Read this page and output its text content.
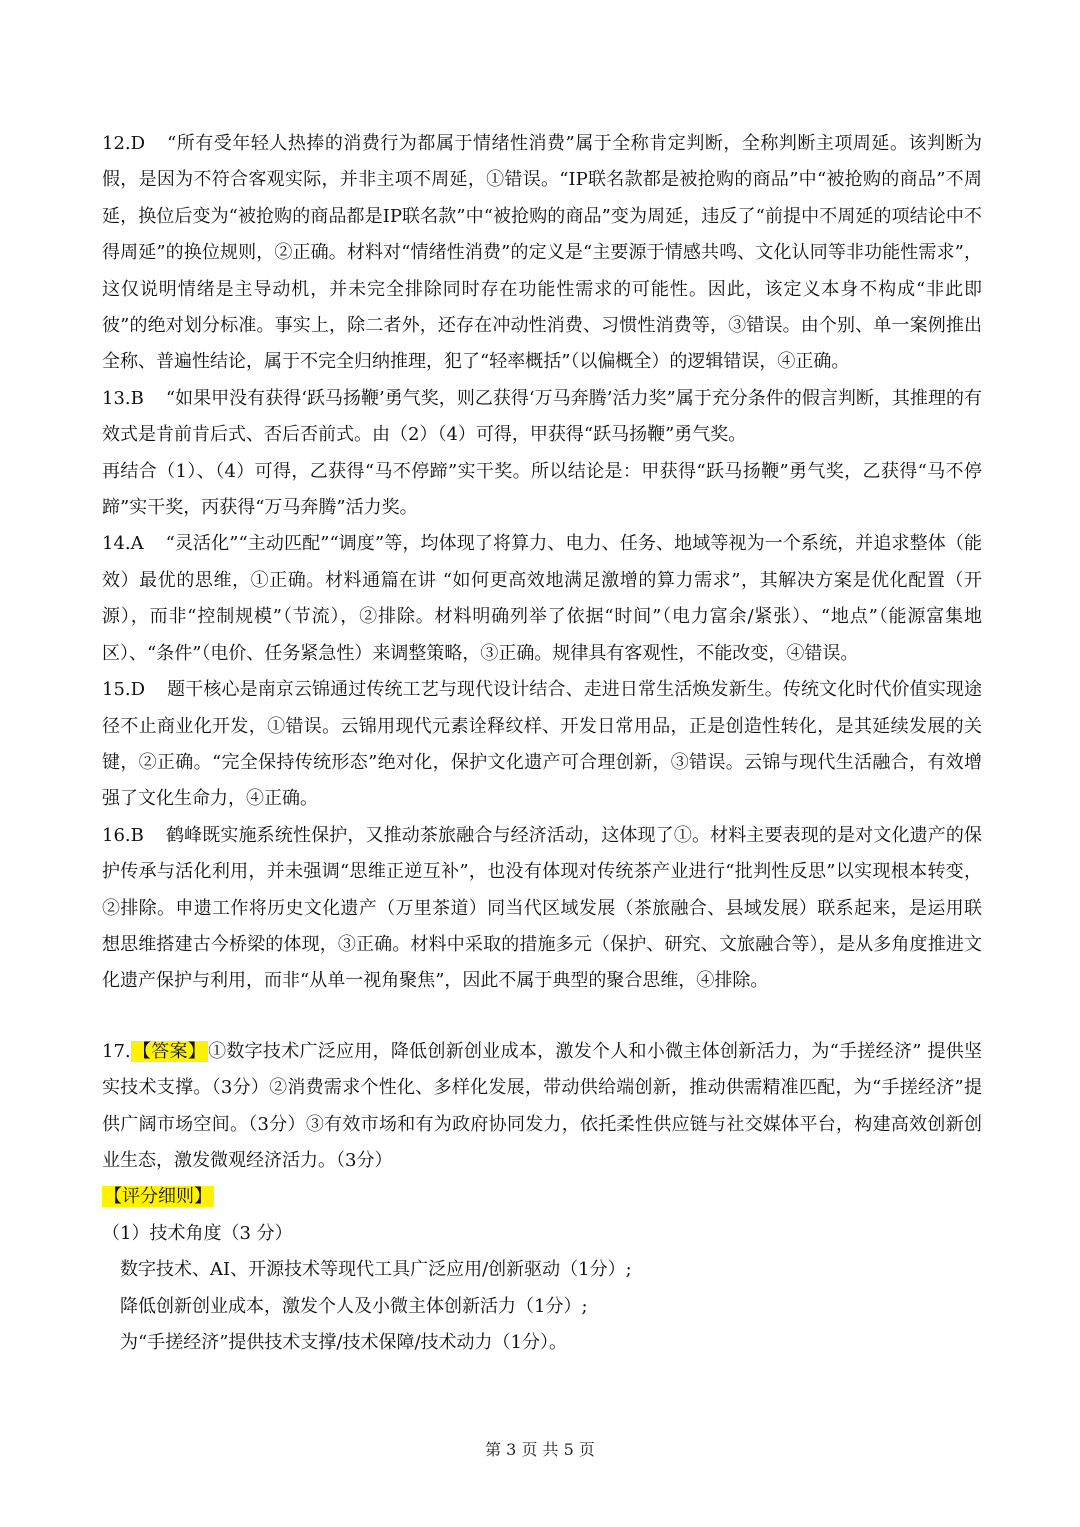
12.D “所有受年轻人热捧的消费行为都属于情绪性消费”属于全称肯定判断，全称判断主项周延。该判断为假，是因为不符合客观实际，并非主项不周延，①错误。“IP联名款都是被抢购的商品”中“被抢购的商品”不周延，换位后变为“被抢购的商品都是IP联名款”中“被抢购的商品”变为周延，违反了“前提中不周延的项结论中不得周延”的换位规则，②正确。材料对“情绪性消费”的定义是“主要源于情感共鸣、文化认同等非功能性需求”，这仅说明情绪是主导动机，并未完全排除同时存在功能性需求的可能性。因此，该定义本身不构成“非此即彼”的绝对划分标准。事实上，除二者外，还存在冲动性消费、习惯性消费等，③错误。由个别、单一案例推出全称、普遍性结论，属于不完全归纳推理，犯了“轻率概括”（以偏概全）的逻辑错误，④正确。

13.B “如果甲没有获得‘跃马扬鞭’勇气奖，则乙获得‘万马奔腾’活力奖”属于充分条件的假言判断，其推理的有效式是肯前肯后式、否后否前式。由（2）（4）可得，甲获得“跃马扬鞭”勇气奖。

再结合（1）、（4）可得，乙获得“马不停蹄”实干奖。所以结论是：甲获得“跃马扬鞭”勇气奖，乙获得“马不停蹄”实干奖，丙获得“万马奔腾”活力奖。

14.A “灵活化”“主动匹配”“调度”等，均体现了将算力、电力、任务、地域等视为一个系统，并追求整体（能效）最优的思维，①正确。材料通篇在讲 “如何更高效地满足激增的算力需求”，其解决方案是优化配置（开源），而非“控制规模”（节流），②排除。材料明确列举了依据“时间”（电力富余/紧张）、“地点”（能源富集地区）、“条件”（电价、任务紧急性）来调整策略，③正确。规律具有客观性，不能改变，④错误。

15.D 题干核心是南京云锦通过传统工艺与现代设计结合、走进日常生活焕发新生。传统文化时代价值实现途径不止商业化开发，①错误。云锦用现代元素诠释纹样、开发日常用品，正是创造性转化，是其延续发展的关键，②正确。“完全保持传统形态”绝对化，保护文化遗产可合理创新，③错误。云锦与现代生活融合，有效增强了文化生命力，④正确。

16.B 鹤峰既实施系统性保护，又推动茶旅融合与经济活动，这体现了①。材料主要表现的是对文化遗产的保护传承与活化利用，并未强调“思维正逆互补”，也没有体现对传统茶产业进行“批判性反思”以实现根本转变，②排除。申遗工作将历史文化遗产（万里茶道）同当代区域发展（茶旅融合、县域发展）联系起来，是运用联想思维搭建古今桥梁的体现，③正确。材料中采取的措施多元（保护、研究、文旅融合等），是从多角度推进文化遗产保护与利用，而非“从单一视角聚焦”，因此不属于典型的聚合思维，④排除。

17. 【答案】 ①数字技术广泛应用，降低创新创业成本，激发个人和小微主体创新活力，为“手搓经济” 提供坚实技术支撑。（3分）②消费需求个性化、多样化发展，带动供给端创新，推动供需精准匹配，为“手搓经济”提供广阔市场空间。（3分）③有效市场和有为政府协同发力，依托柔性供应链与社交媒体平台，构建高效创新创业生态，激发微观经济活力。（3分）

【评分细则】

（1）技术角度（3 分）

数字技术、AI、开源技术等现代工具广泛应用/创新驱动（1分）;

降低创新创业成本，激发个人及小微主体创新活力（1分）;

为“手搓经济”提供技术支撑/技术保障/技术动力（1分）。

第 3 页 共 5 页
